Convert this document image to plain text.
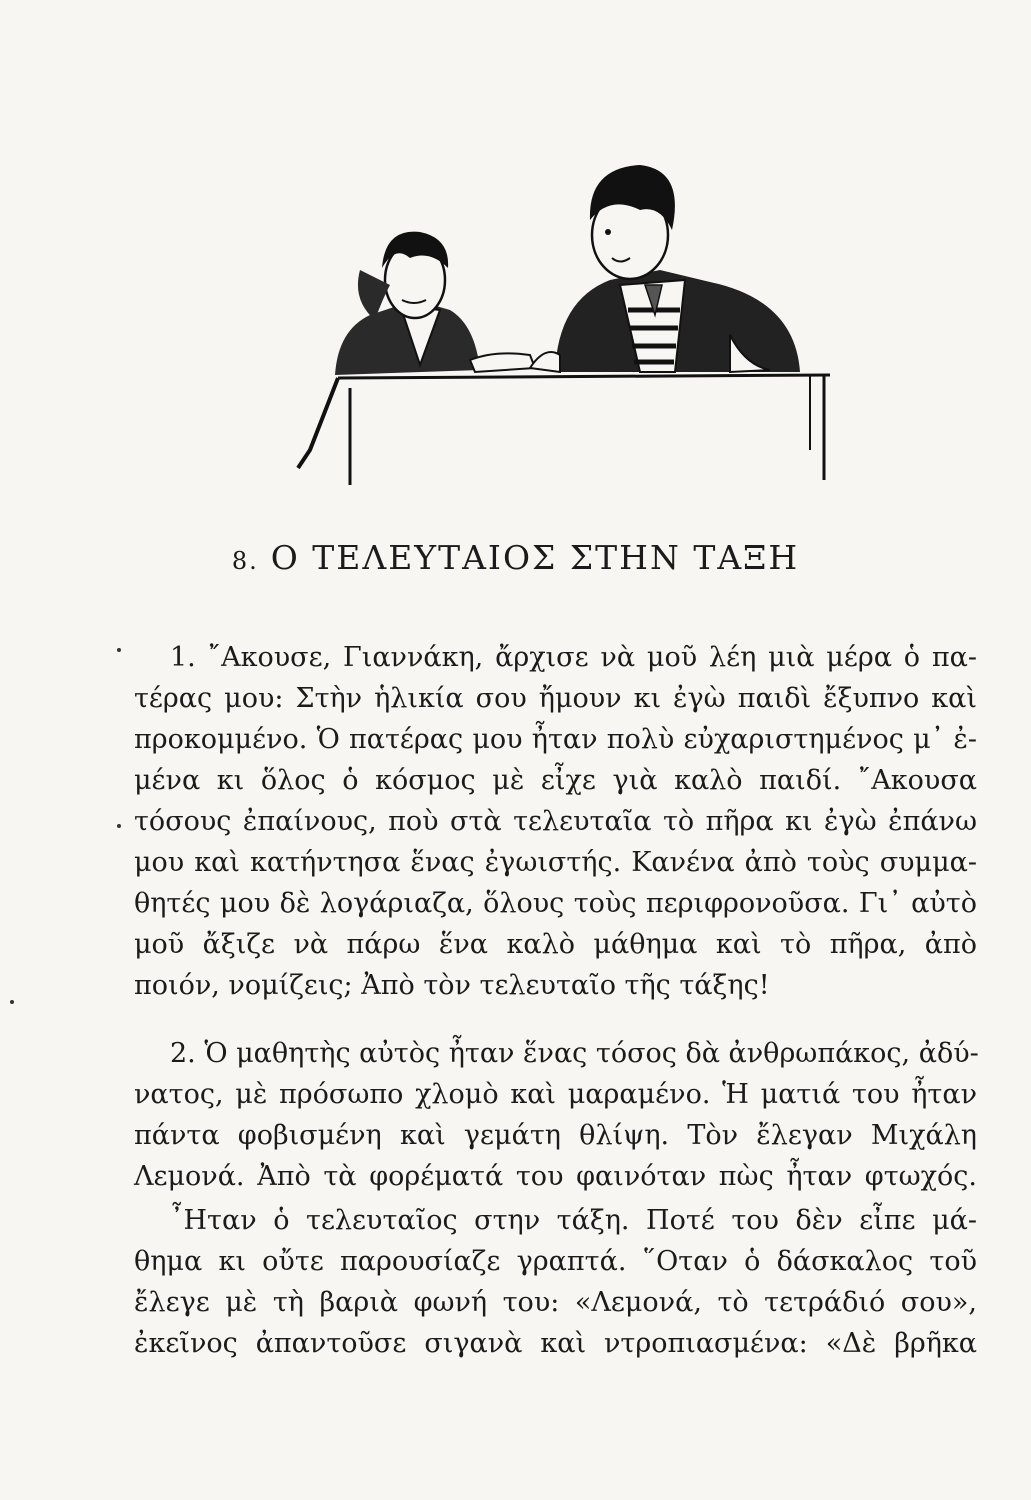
8. Ο ΤΕΛΕΥΤΑΙΟΣ ΣΤΗΝ ΤΑΞΗ
1. ῎Ακουσε, Γιαννάκη, ἄρχισε νὰ μοῦ λέη μιὰ μέρα ὁ πα-
τέρας μου: Στὴν ἡλικία σου ἤμουν κι ἐγὼ παιδὶ ἔξυπνο καὶ
προκομμένο. Ὁ πατέρας μου ἦταν πολὺ εὐχαριστημένος μ᾿ ἐ-
μένα κι ὅλος ὁ κόσμος μὲ εἶχε γιὰ καλὸ παιδί. ῎Ακουσα
τόσους ἐπαίνους, ποὺ στὰ τελευταῖα τὸ πῆρα κι ἐγὼ ἐπάνω
μου καὶ κατήντησα ἕνας ἐγωιστής. Κανένα ἀπὸ τοὺς συμμα-
θητές μου δὲ λογάριαζα, ὅλους τοὺς περιφρονοῦσα. Γι᾿ αὐτὸ
μοῦ ἄξιζε νὰ πάρω ἕνα καλὸ μάθημα καὶ τὸ πῆρα, ἀπὸ
ποιόν, νομίζεις; Ἀπὸ τὸν τελευταῖο τῆς τάξης!
2. Ὁ μαθητὴς αὐτὸς ἦταν ἕνας τόσος δὰ ἀνθρωπάκος, ἀδύ-
νατος, μὲ πρόσωπο χλομὸ καὶ μαραμένο. Ἡ ματιά του ἦταν
πάντα φοβισμένη καὶ γεμάτη θλίψη. Τὸν ἔλεγαν Μιχάλη
Λεμονά. Ἀπὸ τὰ φορέματά του φαινόταν πὼς ἦταν φτωχός.
῏Ηταν ὁ τελευταῖος στην τάξη. Ποτέ του δὲν εἶπε μά-
θημα κι οὔτε παρουσίαζε γραπτά. ῞Οταν ὁ δάσκαλος τοῦ
ἔλεγε μὲ τὴ βαριὰ φωνή του: «Λεμονά, τὸ τετράδιό σου»,
ἐκεῖνος ἀπαντοῦσε σιγανὰ καὶ ντροπιασμένα: «Δὲ βρῆκα
